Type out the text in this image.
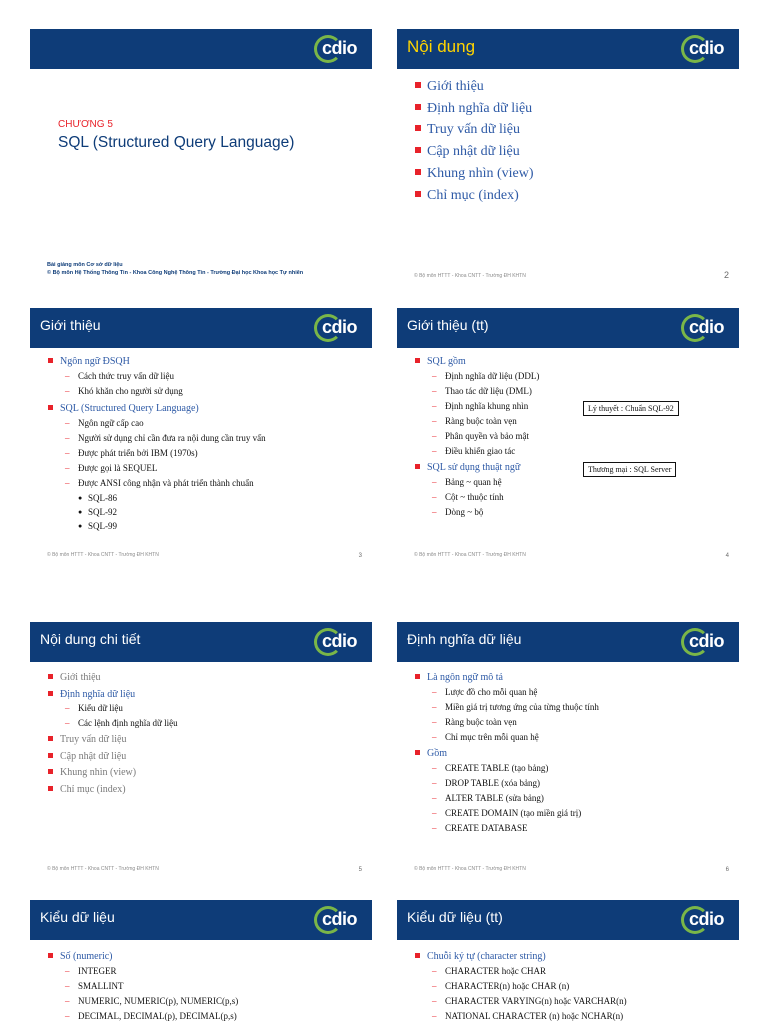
cdio
CHƯƠNG 5
SQL (Structured Query Language)
Bài giảng môn Cơ sở dữ liệu
© Bộ môn Hệ Thống Thông Tin - Khoa Công Nghệ Thông Tin - Trường Đại học Khoa học Tự nhiên
Nội dung	cdio
Giới thiệu
Định nghĩa dữ liệu
Truy vấn dữ liệu
Cập nhật dữ liệu
Khung nhìn (view)
Chỉ mục (index)
© Bộ môn HTTT - Khoa CNTT - Trường ĐH KHTN	2
Giới thiệu	cdio
Ngôn ngữ ĐSQH
– Cách thức truy vấn dữ liệu
– Khó khăn cho người sử dụng
SQL (Structured Query Language)
– Ngôn ngữ cấp cao
– Người sử dụng chỉ cần đưa ra nội dung cần truy vấn
– Được phát triển bởi IBM (1970s)
– Được gọi là SEQUEL
– Được ANSI công nhận và phát triển thành chuẩn
● SQL-86
● SQL-92
● SQL-99
© Bộ môn HTTT - Khoa CNTT - Trường ĐH KHTN	3
Giới thiệu (tt)	cdio
SQL gồm
– Định nghĩa dữ liệu (DDL)
– Thao tác dữ liệu (DML)
– Định nghĩa khung nhìn
– Ràng buộc toàn vẹn
– Phân quyền và bảo mật
– Điều khiển giao tác
SQL sử dụng thuật ngữ
– Bảng ~ quan hệ
– Cột ~ thuộc tính
– Dòng ~ bộ
Lý thuyết : Chuẩn SQL-92
Thương mại : SQL Server
© Bộ môn HTTT - Khoa CNTT - Trường ĐH KHTN	4
Nội dung chi tiết	cdio
Giới thiệu
Định nghĩa dữ liệu
– Kiểu dữ liệu
– Các lệnh định nghĩa dữ liệu
Truy vấn dữ liệu
Cập nhật dữ liệu
Khung nhìn (view)
Chỉ mục (index)
© Bộ môn HTTT - Khoa CNTT - Trường ĐH KHTN	5
Định nghĩa dữ liệu	cdio
Là ngôn ngữ mô tả
– Lược đồ cho mỗi quan hệ
– Miền giá trị tương ứng của từng thuộc tính
– Ràng buộc toàn vẹn
– Chỉ mục trên mỗi quan hệ
Gồm
– CREATE TABLE (tạo bảng)
– DROP TABLE (xóa bảng)
– ALTER TABLE (sửa bảng)
– CREATE DOMAIN (tạo miền giá trị)
– CREATE DATABASE
© Bộ môn HTTT - Khoa CNTT - Trường ĐH KHTN	6
Kiểu dữ liệu	cdio
Số (numeric)
– INTEGER
– SMALLINT
– NUMERIC, NUMERIC(p), NUMERIC(p,s)
– DECIMAL, DECIMAL(p), DECIMAL(p,s)
Kiểu dữ liệu (tt)	cdio
Chuỗi ký tự (character string)
– CHARACTER hoặc CHAR
– CHARACTER(n) hoặc CHAR (n)
– CHARACTER VARYING(n) hoặc VARCHAR(n)
– NATIONAL CHARACTER (n) hoặc NCHAR(n)
